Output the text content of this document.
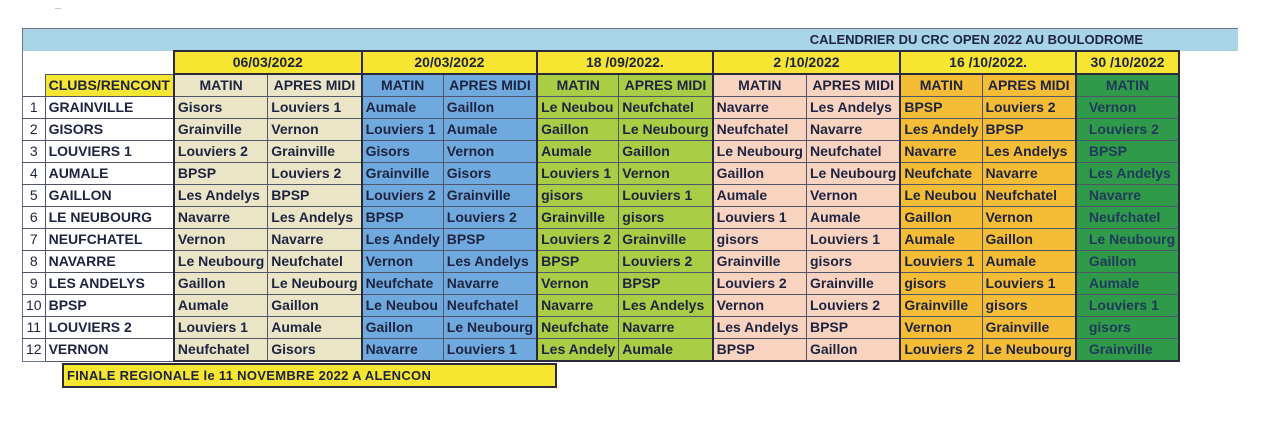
CALENDRIER DU CRC OPEN 2022 AU BOULODROME
		06/03/2022		20/03/2022		18 /09/2022.		2 /10/2022		16 /10/2022.		30 /10/2022
	CLUBS/RENCONT	MATIN	APRES MIDI	MATIN	APRES MIDI	MATIN	APRES MIDI	MATIN	APRES MIDI	MATIN	APRES MIDI	MATIN
1	GRAINVILLE	Gisors	Louviers 1	Aumale	Gaillon	Le Neubou	Neufchatel	Navarre	Les Andelys	BPSP	Louviers 2	Vernon
2	GISORS	Grainville	Vernon	Louviers 1	Aumale	Gaillon	Le Neubourg	Neufchatel	Navarre	Les Andely	BPSP	Louviers 2
3	LOUVIERS 1	Louviers 2	Grainville	Gisors	Vernon	Aumale	Gaillon	Le Neubourg	Neufchatel	Navarre	Les Andelys	BPSP
4	AUMALE	BPSP	Louviers 2	Grainville	Gisors	Louviers 1	Vernon	Gaillon	Le Neubourg	Neufchate	Navarre	Les Andelys
5	GAILLON	Les Andelys	BPSP	Louviers 2	Grainville	gisors	Louviers 1	Aumale	Vernon	Le Neubou	Neufchatel	Navarre
6	LE NEUBOURG	Navarre	Les Andelys	BPSP	Louviers 2	Grainville	gisors	Louviers 1	Aumale	Gaillon	Vernon	Neufchatel
7	NEUFCHATEL	Vernon	Navarre	Les Andely	BPSP	Louviers 2	Grainville	gisors	Louviers 1	Aumale	Gaillon	Le Neubourg
8	NAVARRE	Le Neubourg	Neufchatel	Vernon	Les Andelys	BPSP	Louviers 2	Grainville	gisors	Louviers 1	Aumale	Gaillon
9	LES ANDELYS	Gaillon	Le Neubourg	Neufchate	Navarre	Vernon	BPSP	Louviers 2	Grainville	gisors	Louviers 1	Aumale
10	BPSP	Aumale	Gaillon	Le Neubou	Neufchatel	Navarre	Les Andelys	Vernon	Louviers 2	Grainville	gisors	Louviers 1
11	LOUVIERS 2	Louviers 1	Aumale	Gaillon	Le Neubourg	Neufchate	Navarre	Les Andelys	BPSP	Vernon	Grainville	gisors
12	VERNON	Neufchatel	Gisors	Navarre	Louviers 1	Les Andely	Aumale	BPSP	Gaillon	Louviers 2	Le Neubourg	Grainville
FINALE REGIONALE le 11 NOVEMBRE 2022 A ALENCON
